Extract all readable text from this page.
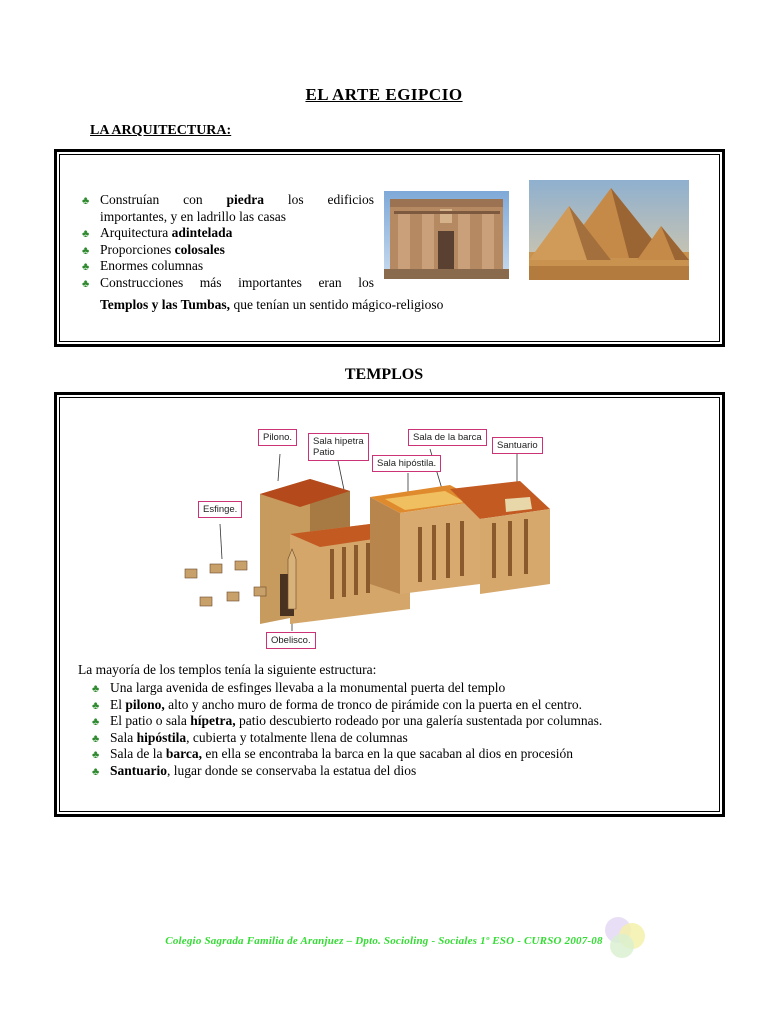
EL ARTE EGIPCIO
LA ARQUITECTURA:
♣ Construían con piedra los edificios
importantes, y en ladrillo las casas
♣ Arquitectura adintelada
♣ Proporciones colosales
♣ Enormes columnas
♣ Construcciones más importantes eran los
Templos y las Tumbas, que tenían un sentido mágico-religioso
TEMPLOS
Pilono.	Sala hipetra
Patio
Sala de la barca
Sala hipóstila.
Santuario
Esfinge.
Obelisco.
La mayoría de los templos tenía la siguiente estructura:
♣ Una larga avenida de esfinges llevaba a la monumental puerta del templo
♣ El pilono, alto y ancho muro de forma de tronco de pirámide con la puerta en el centro.
♣ El patio o sala hípetra, patio descubierto rodeado por una galería sustentada por columnas.
♣ Sala hipóstila, cubierta y totalmente llena de columnas
♣ Sala de la barca, en ella se encontraba la barca en la que sacaban al dios en procesión
♣ Santuario, lugar donde se conservaba la estatua del dios
Colegio Sagrada Familia de Aranjuez – Dpto. Socioling - Sociales 1º ESO - CURSO 2007-08
